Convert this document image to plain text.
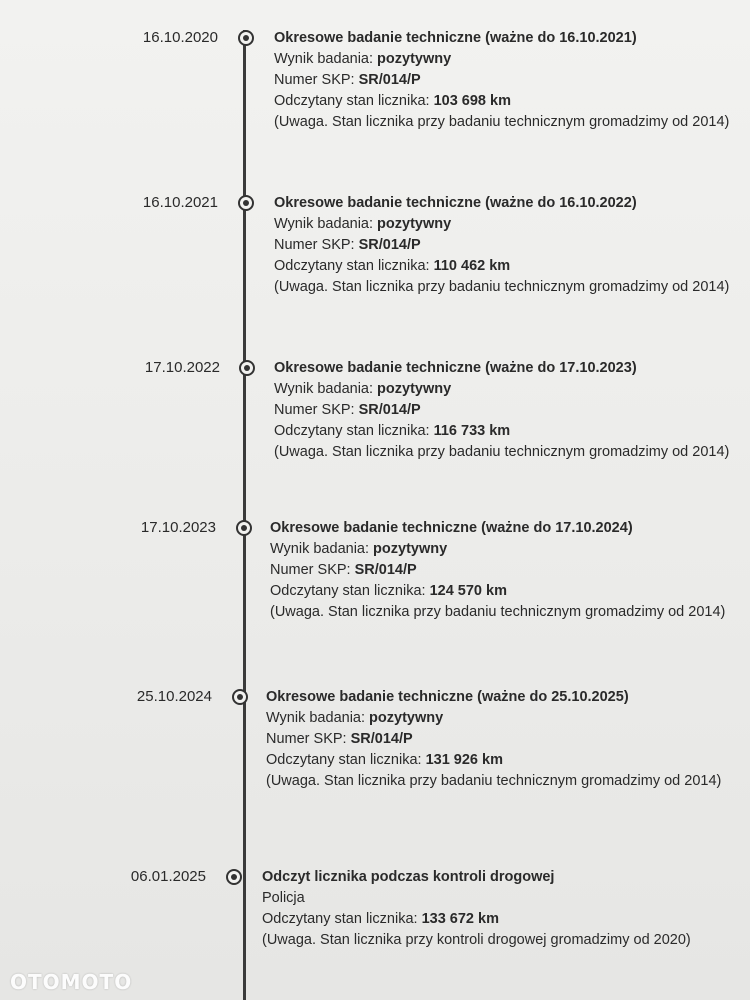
16.10.2020	Okresowe badanie techniczne (ważne do 16.10.2021)
Wynik badania: pozytywny
Numer SKP: SR/014/P
Odczytany stan licznika: 103 698 km
(Uwaga. Stan licznika przy badaniu technicznym gromadzimy od 2014)
16.10.2021	Okresowe badanie techniczne (ważne do 16.10.2022)
Wynik badania: pozytywny
Numer SKP: SR/014/P
Odczytany stan licznika: 110 462 km
(Uwaga. Stan licznika przy badaniu technicznym gromadzimy od 2014)
17.10.2022	Okresowe badanie techniczne (ważne do 17.10.2023)
Wynik badania: pozytywny
Numer SKP: SR/014/P
Odczytany stan licznika: 116 733 km
(Uwaga. Stan licznika przy badaniu technicznym gromadzimy od 2014)
17.10.2023	Okresowe badanie techniczne (ważne do 17.10.2024)
Wynik badania: pozytywny
Numer SKP: SR/014/P
Odczytany stan licznika: 124 570 km
(Uwaga. Stan licznika przy badaniu technicznym gromadzimy od 2014)
25.10.2024	Okresowe badanie techniczne (ważne do 25.10.2025)
Wynik badania: pozytywny
Numer SKP: SR/014/P
Odczytany stan licznika: 131 926 km
(Uwaga. Stan licznika przy badaniu technicznym gromadzimy od 2014)
06.01.2025	Odczyt licznika podczas kontroli drogowej
Policja
Odczytany stan licznika: 133 672 km
(Uwaga. Stan licznika przy kontroli drogowej gromadzimy od 2020)
OTOMOTO
